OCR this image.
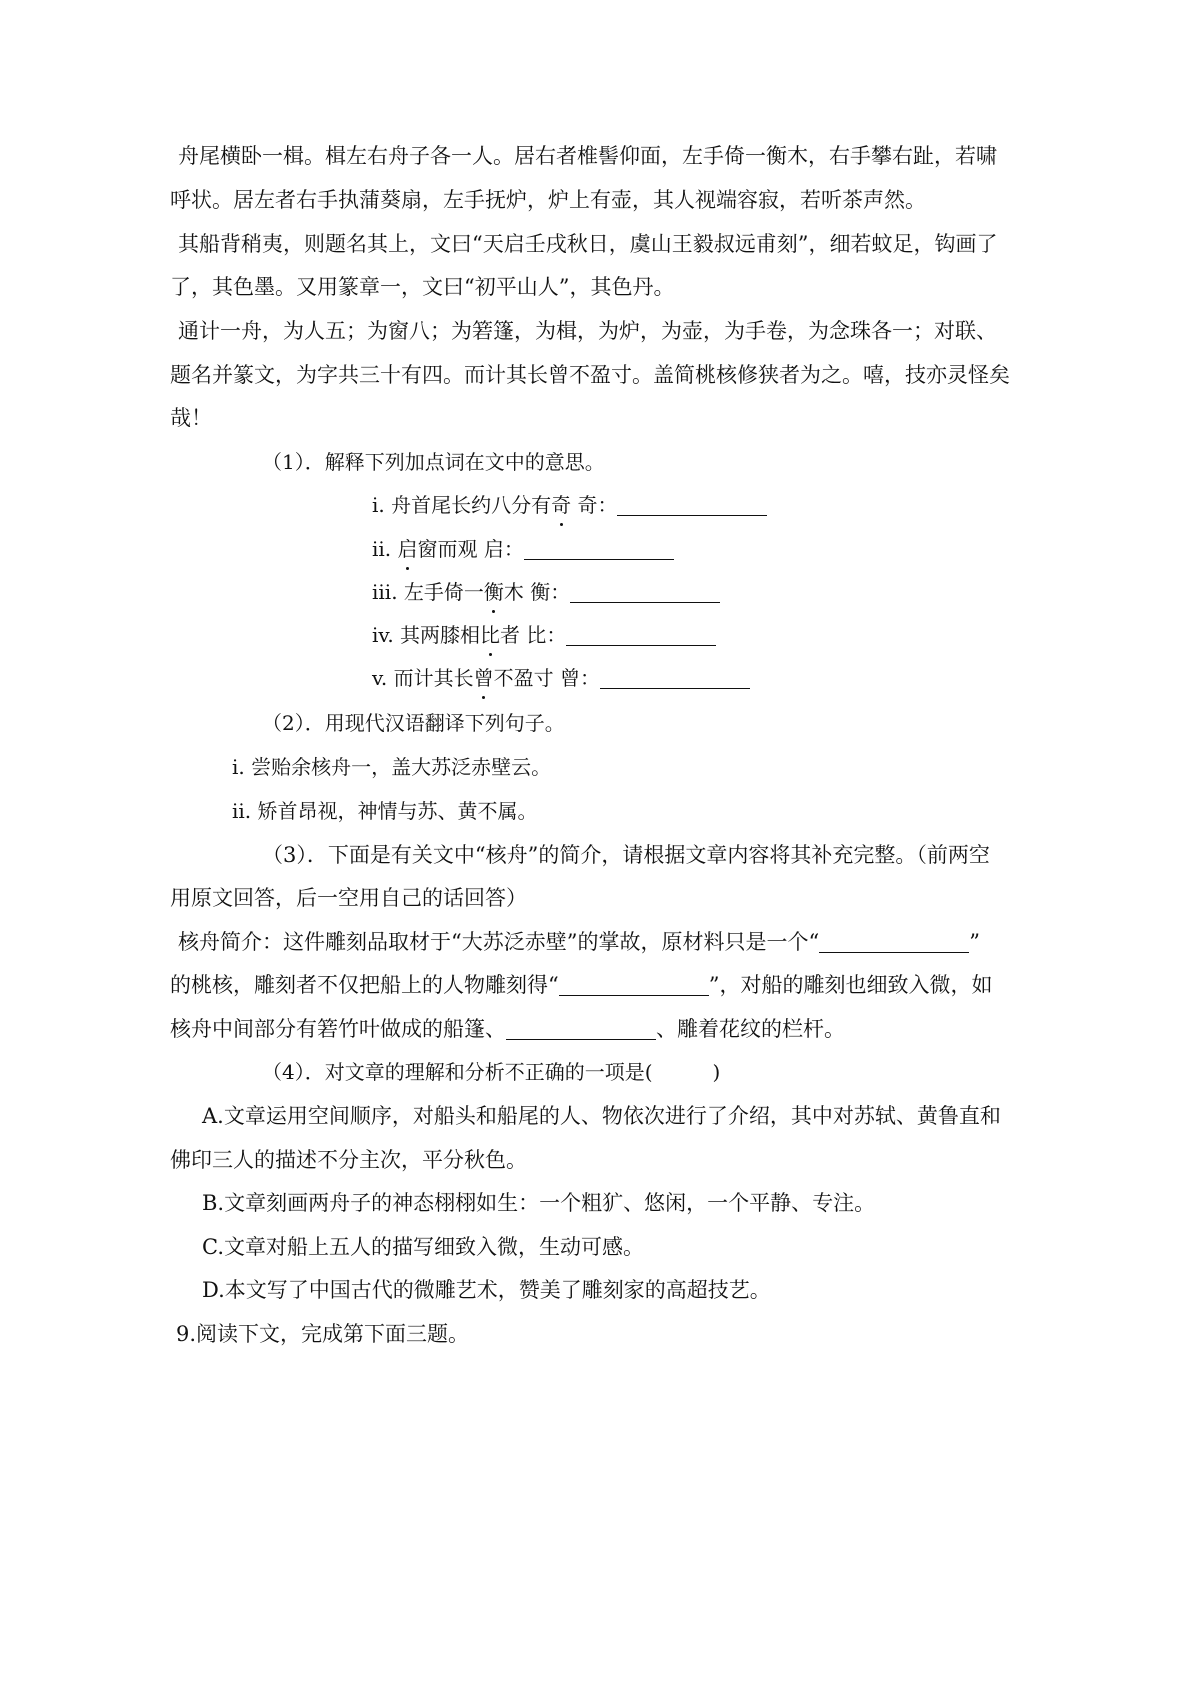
舟尾横卧一楫。楫左右舟子各一人。居右者椎髻仰面，左手倚一衡木，右手攀右趾，若啸
呼状。居左者右手执蒲葵扇，左手抚炉，炉上有壶，其人视端容寂，若听茶声然。
其船背稍夷，则题名其上，文曰“天启壬戌秋日，虞山王毅叔远甫刻”，细若蚊足，钩画了
了，其色墨。又用篆章一，文曰“初平山人”，其色丹。
通计一舟，为人五；为窗八；为箬篷，为楫，为炉，为壶，为手卷，为念珠各一；对联、
题名并篆文，为字共三十有四。而计其长曾不盈寸。盖简桃核修狭者为之。嘻，技亦灵怪矣
哉！
（1）．解释下列加点词在文中的意思。
i. 舟首尾长约八分有奇 奇：
ii. 启窗而观 启：
iii. 左手倚一衡木 衡：
iv. 其两膝相比者 比：
v. 而计其长曾不盈寸 曾：
（2）．用现代汉语翻译下列句子。
i. 尝贻余核舟一，盖大苏泛赤壁云。
ii. 矫首昂视，神情与苏、黄不属。
（3）．下面是有关文中“核舟”的简介，请根据文章内容将其补充完整。（前两空
用原文回答，后一空用自己的话回答）
核舟简介：这件雕刻品取材于“大苏泛赤壁”的掌故，原材料只是一个“	”
的桃核，雕刻者不仅把船上的人物雕刻得“	”，对船的雕刻也细致入微，如
核舟中间部分有箬竹叶做成的船篷、	、雕着花纹的栏杆。
（4）．对文章的理解和分析不正确的一项是(	)
A.文章运用空间顺序，对船头和船尾的人、物依次进行了介绍，其中对苏轼、黄鲁直和
佛印三人的描述不分主次，平分秋色。
B.文章刻画两舟子的神态栩栩如生：一个粗犷、悠闲，一个平静、专注。
C.文章对船上五人的描写细致入微，生动可感。
D.本文写了中国古代的微雕艺术，赞美了雕刻家的高超技艺。
9.阅读下文，完成第下面三题。
